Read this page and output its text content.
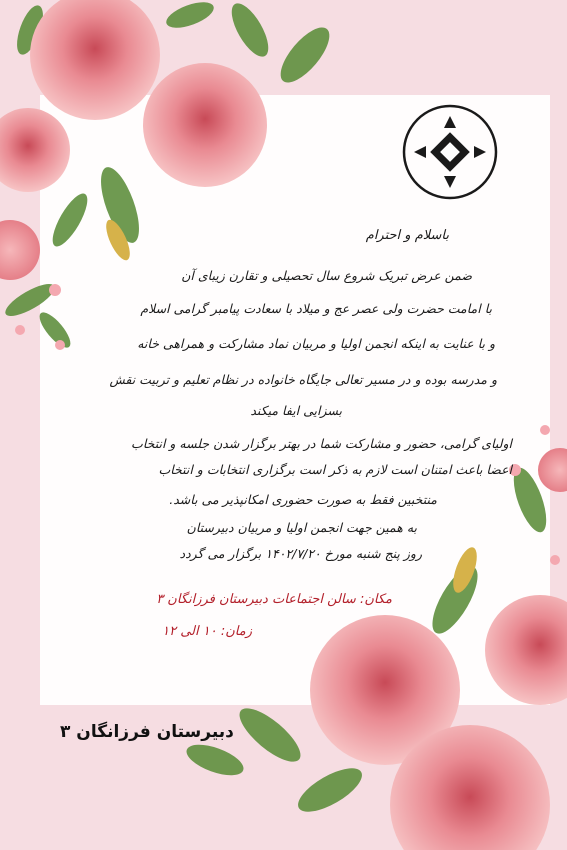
باسلام و احترام
ضمن عرض تبریک شروع سال تحصیلی و تقارن زیبای آن
با امامت حضرت ولی عصر عج و میلاد با سعادت پیامبر گرامی اسلام
و با عنایت به اینکه انجمن اولیا و مربیان نماد مشارکت و همراهی خانه
و مدرسه بوده و در مسیر تعالی جایگاه خانواده در نظام تعلیم و تربیت نقش
بسزایی ایفا میکند
اولیای گرامی، حضور و مشارکت شما در بهتر برگزار شدن جلسه و انتخاب
اعضا باعث امتنان است لازم به ذکر است برگزاری انتخابات و انتخاب
منتخبین فقط به صورت حضوری امکانپذیر می باشد.
به همین جهت انجمن اولیا و مربیان دبیرستان
روز پنج شنبه مورخ ۱۴۰۲/۷/۲۰ برگزار می گردد
مکان: سالن اجتماعات دبیرستان فرزانگان ۳
زمان: ۱۰ الی ۱۲
دبیرستان فرزانگان ۳
